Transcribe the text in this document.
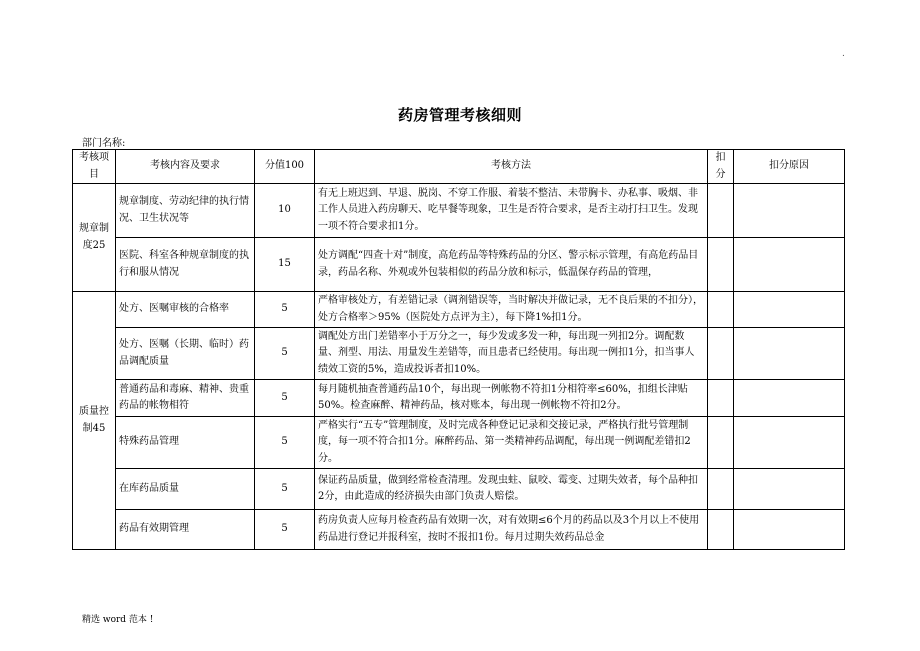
.
药房管理考核细则
部门名称:
考核项目	考核内容及要求	分值100	考核方法	扣分	扣分原因
规章制度25	规章制度、劳动纪律的执行情况、卫生状况等	10	有无上班迟到、早退、脱岗、不穿工作服、着装不整洁、未带胸卡、办私事、吸烟、非工作人员进入药房聊天、吃早餐等现象，卫生是否符合要求，是否主动打扫卫生。发现一项不符合要求扣1分。		
	医院、科室各种规章制度的执行和服从情况	15	处方调配“四查十对”制度，高危药品等特殊药品的分区、警示标示管理，有高危药品目录，药品名称、外观或外包装相似的药品分放和标示，低温保存药品的管理，		
质量控制45	处方、医嘱审核的合格率	5	严格审核处方，有差错记录（调剂错误等，当时解决并做记录，无不良后果的不扣分），处方合格率＞95%（医院处方点评为主），每下降1%扣1分。		
	处方、医嘱（长期、临时）药品调配质量	5	调配处方出门差错率小于万分之一，每少发或多发一种，每出现一列扣2分。调配数量、剂型、用法、用量发生差错等，而且患者已经使用。每出现一例扣1分，扣当事人绩效工资的5%，造成投诉者扣10%。		
	普通药品和毒麻、精神、贵重药品的帐物相符	5	每月随机抽查普通药品10个，每出现一例帐物不符扣1分相符率≤60%，扣组长津贴50%。检查麻醉、精神药品，核对账本，每出现一例帐物不符扣2分。		
	特殊药品管理	5	严格实行“五专”管理制度，及时完成各种登记记录和交接记录，严格执行批号管理制度，每一项不符合扣1分。麻醉药品、第一类精神药品调配，每出现一例调配差错扣2分。		
	在库药品质量	5	保证药品质量，做到经常检查清理。发现虫蛀、鼠咬、霉变、过期失效者，每个品种扣2分，由此造成的经济损失由部门负责人赔偿。		
	药品有效期管理	5	药房负责人应每月检查药品有效期一次，对有效期≤6个月的药品以及3个月以上不使用药品进行登记并报科室，按时不报扣1份。每月过期失效药品总金		
精选 word 范本 !
